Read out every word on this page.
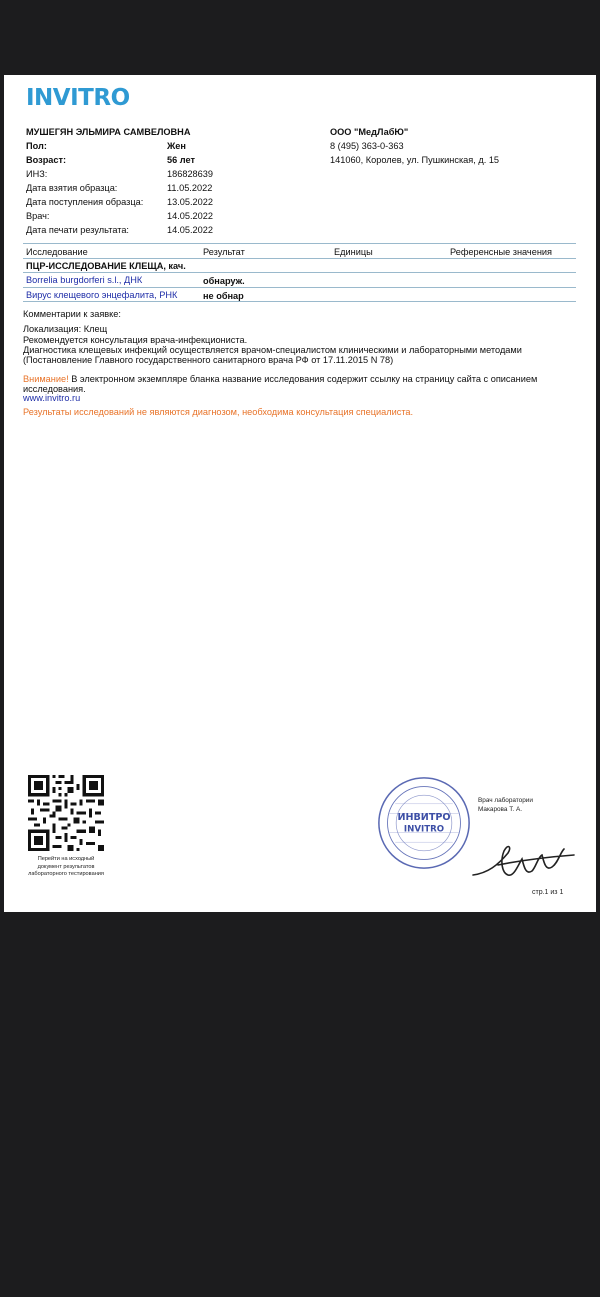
INVITRO
МУШЕГЯН ЭЛЬМИРА САМВЕЛОВНА
Пол:	Жен
Возраст:	56 лет
ИНЗ:	186828639
Дата взятия образца:	11.05.2022
Дата поступления образца:	13.05.2022
Врач:	14.05.2022
Дата печати результата:	14.05.2022
ООО "МедЛабЮ"
8 (495) 363-0-363
141060, Королев, ул. Пушкинская, д. 15
Исследование	Результат	Единицы	Референсные значения
ПЦР-ИССЛЕДОВАНИЕ КЛЕЩА, кач.
Borrelia burgdorferi s.l., ДНК	обнаруж.
Вирус клещевого энцефалита, РНК	не обнар
Комментарии к заявке:
Локализация: Клещ
Рекомендуется консультация врача-инфекциониста.
Диагностика клещевых инфекций осуществляется врачом-специалистом клиническими и лабораторными методами
(Постановление Главного государственного санитарного врача РФ от 17.11.2015 N 78)
Внимание! В электронном экземпляре бланка название исследования содержит ссылку на страницу сайта с описанием
исследования.
www.invitro.ru
Результаты исследований не являются диагнозом, необходима консультация специалиста.
Перейти на исходный
документ результатов
лабораторного тестирования
ИНВИТРО
INVITRO
Врач лаборатории
Макарова Т. А.
стр.1 из 1
